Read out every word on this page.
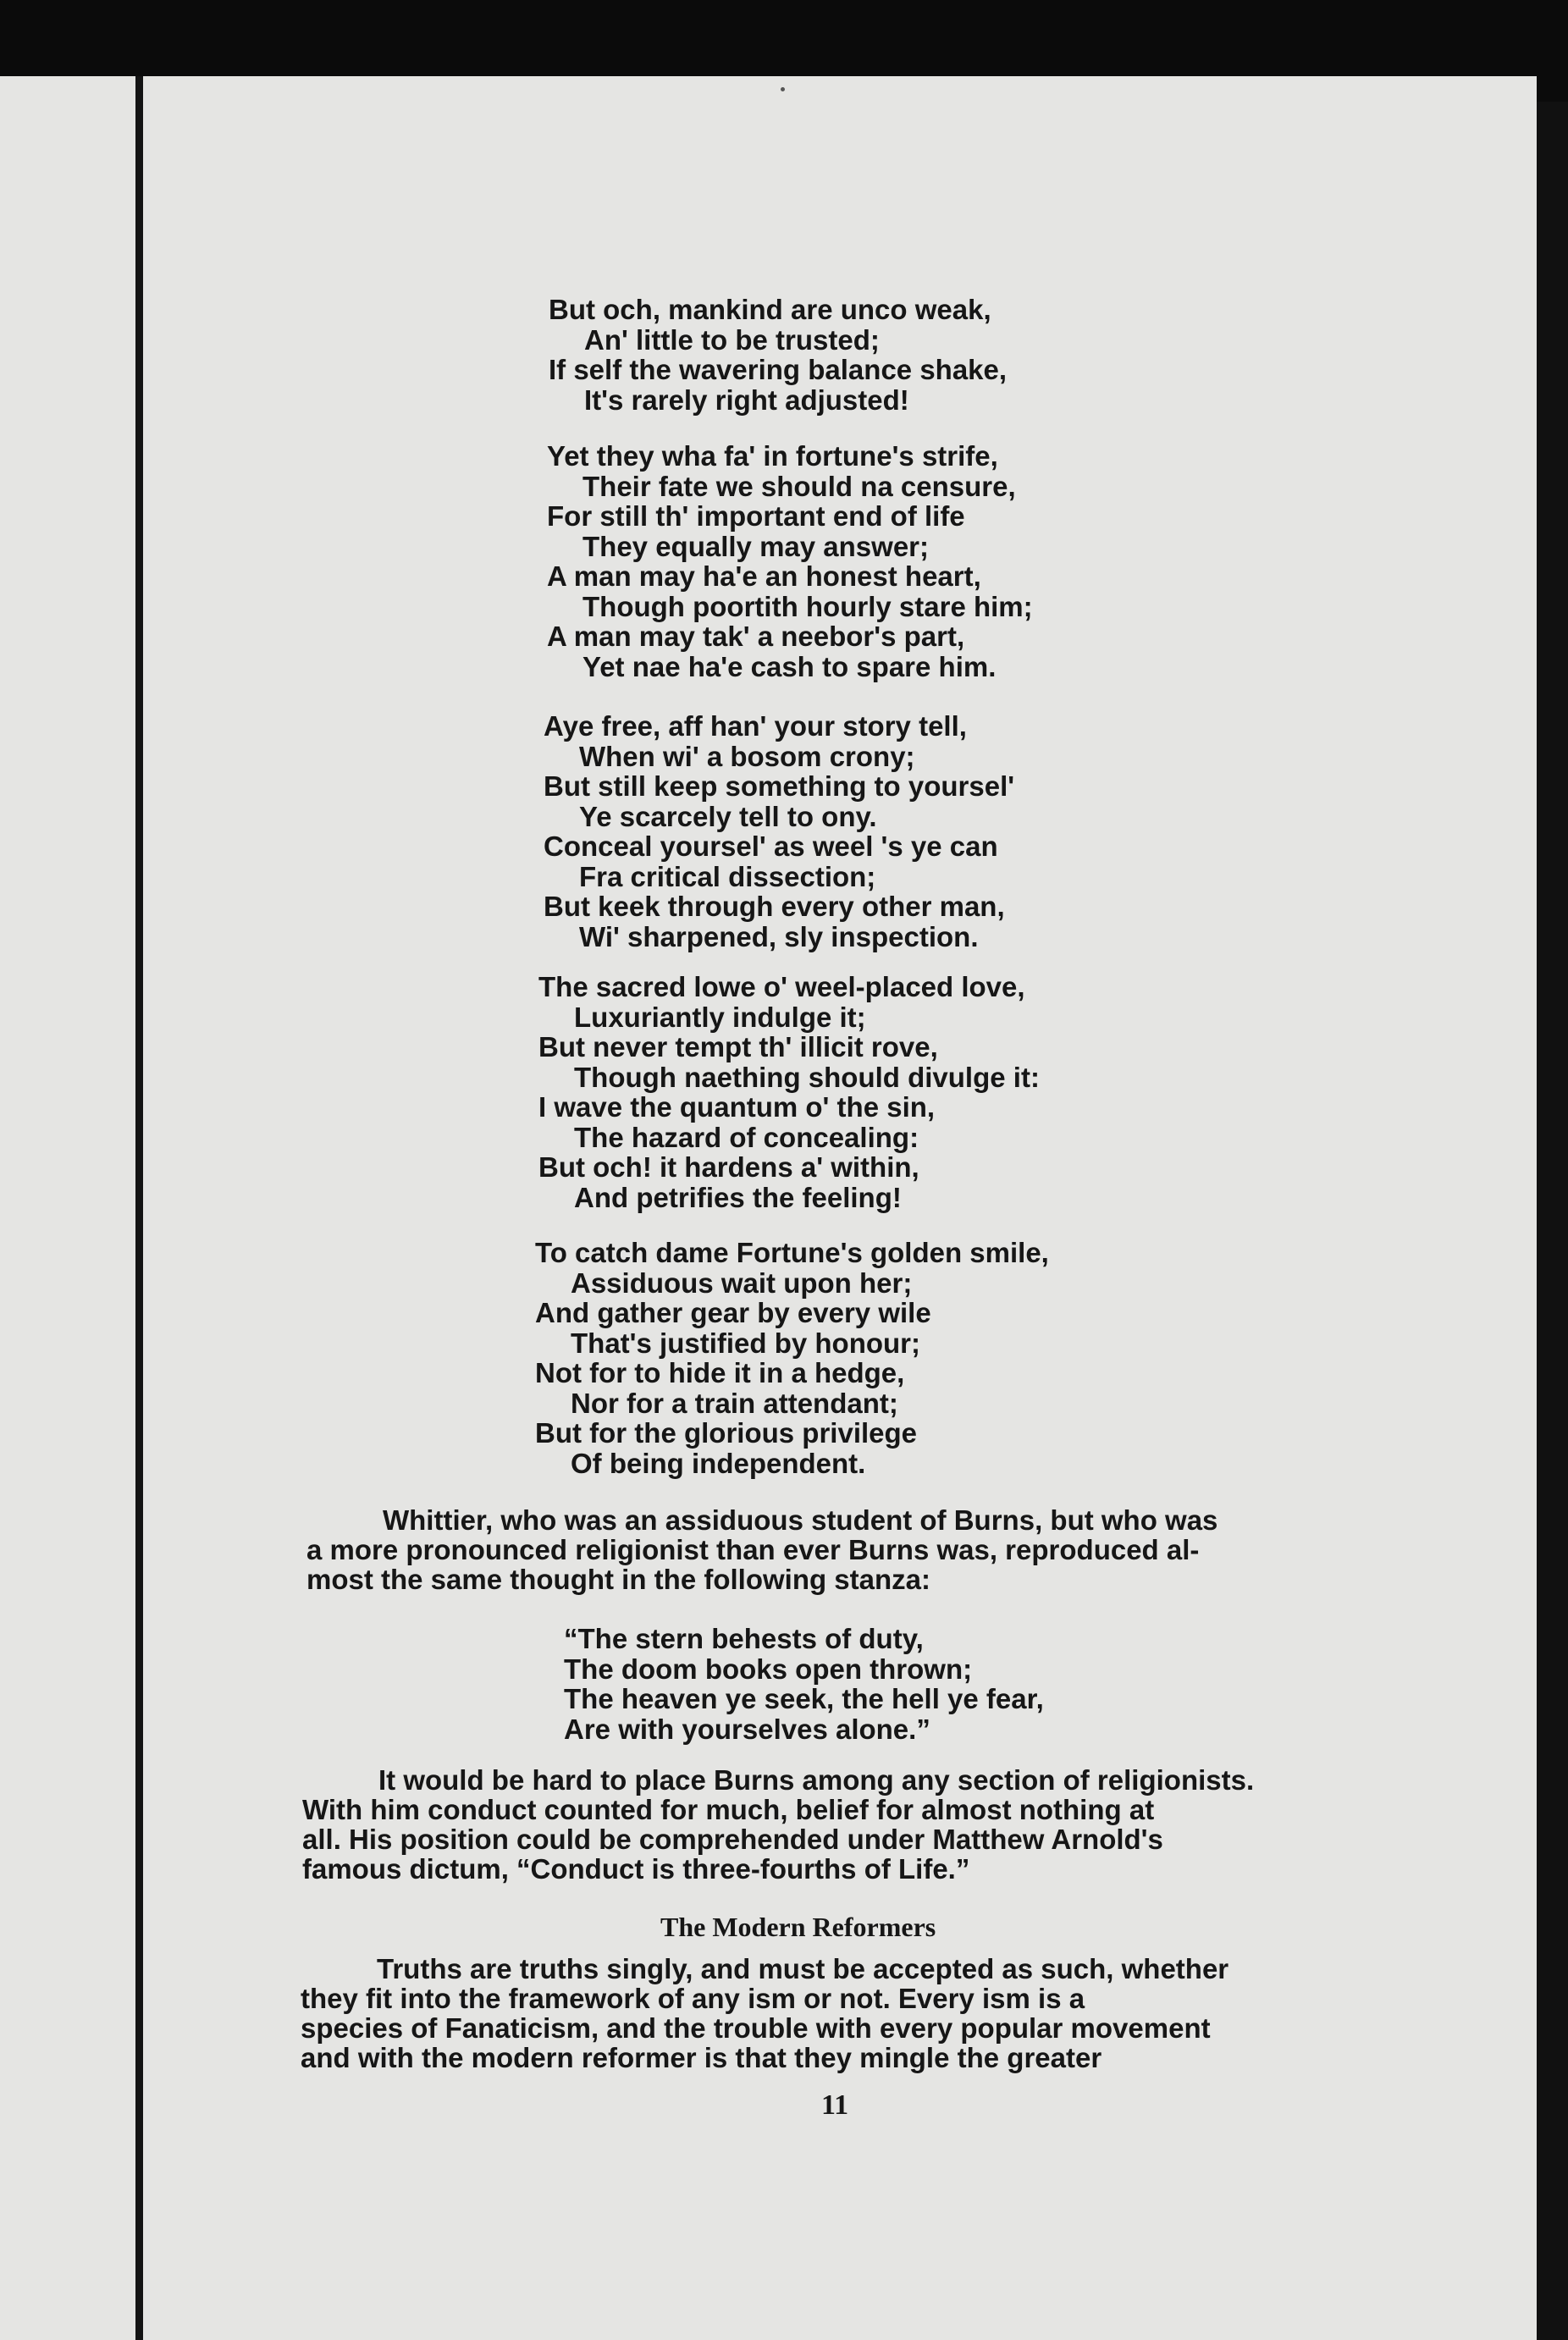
But och, mankind are unco weak,
An' little to be trusted;
If self the wavering balance shake,
It's rarely right adjusted!
Yet they wha fa' in fortune's strife,
Their fate we should na censure,
For still th' important end of life
They equally may answer;
A man may ha'e an honest heart,
Though poortith hourly stare him;
A man may tak' a neebor's part,
Yet nae ha'e cash to spare him.
Aye free, aff han' your story tell,
When wi' a bosom crony;
But still keep something to yoursel'
Ye scarcely tell to ony.
Conceal yoursel' as weel 's ye can
Fra critical dissection;
But keek through every other man,
Wi' sharpened, sly inspection.
The sacred lowe o' weel-placed love,
Luxuriantly indulge it;
But never tempt th' illicit rove,
Though naething should divulge it:
I wave the quantum o' the sin,
The hazard of concealing:
But och! it hardens a' within,
And petrifies the feeling!
To catch dame Fortune's golden smile,
Assiduous wait upon her;
And gather gear by every wile
That's justified by honour;
Not for to hide it in a hedge,
Nor for a train attendant;
But for the glorious privilege
Of being independent.
Whittier, who was an assiduous student of Burns, but who was
a more pronounced religionist than ever Burns was, reproduced al-
most the same thought in the following stanza:
“The stern behests of duty,
The doom books open thrown;
The heaven ye seek, the hell ye fear,
Are with yourselves alone.”
It would be hard to place Burns among any section of religionists.
With him conduct counted for much, belief for almost nothing at
all. His position could be comprehended under Matthew Arnold's
famous dictum, “Conduct is three-fourths of Life.”
The Modern Reformers
Truths are truths singly, and must be accepted as such, whether
they fit into the framework of any ism or not. Every ism is a
species of Fanaticism, and the trouble with every popular movement
and with the modern reformer is that they mingle the greater
11
